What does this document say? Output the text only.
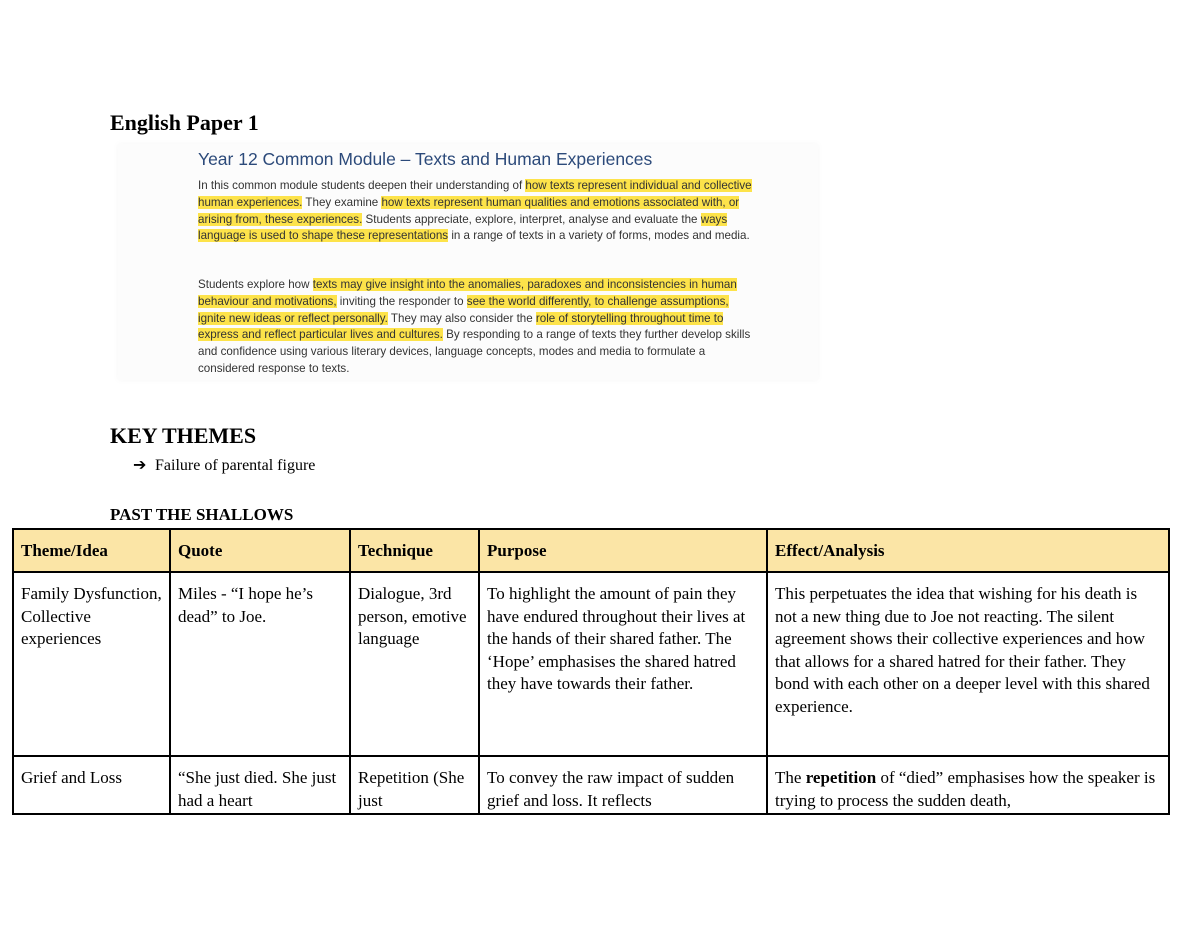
English Paper 1
Year 12 Common Module – Texts and Human Experiences
In this common module students deepen their understanding of how texts represent individual and collective human experiences. They examine how texts represent human qualities and emotions associated with, or arising from, these experiences. Students appreciate, explore, interpret, analyse and evaluate the ways language is used to shape these representations in a range of texts in a variety of forms, modes and media.
Students explore how texts may give insight into the anomalies, paradoxes and inconsistencies in human behaviour and motivations, inviting the responder to see the world differently, to challenge assumptions, ignite new ideas or reflect personally. They may also consider the role of storytelling throughout time to express and reflect particular lives and cultures. By responding to a range of texts they further develop skills and confidence using various literary devices, language concepts, modes and media to formulate a considered response to texts.
KEY THEMES
➔ Failure of parental figure
PAST THE SHALLOWS
Theme/Idea	Quote	Technique	Purpose	Effect/Analysis
Family Dysfunction, Collective experiences	Miles - “I hope he’s dead” to Joe.	Dialogue, 3rd person, emotive language	To highlight the amount of pain they have endured throughout their lives at the hands of their shared father. The ‘Hope’ emphasises the shared hatred they have towards their father.	This perpetuates the idea that wishing for his death is not a new thing due to Joe not reacting. The silent agreement shows their collective experiences and how that allows for a shared hatred for their father. They bond with each other on a deeper level with this shared experience.
Grief and Loss	“She just died. She just had a heart	Repetition (She just	To convey the raw impact of sudden grief and loss. It reflects	The repetition of “died” emphasises how the speaker is trying to process the sudden death,
